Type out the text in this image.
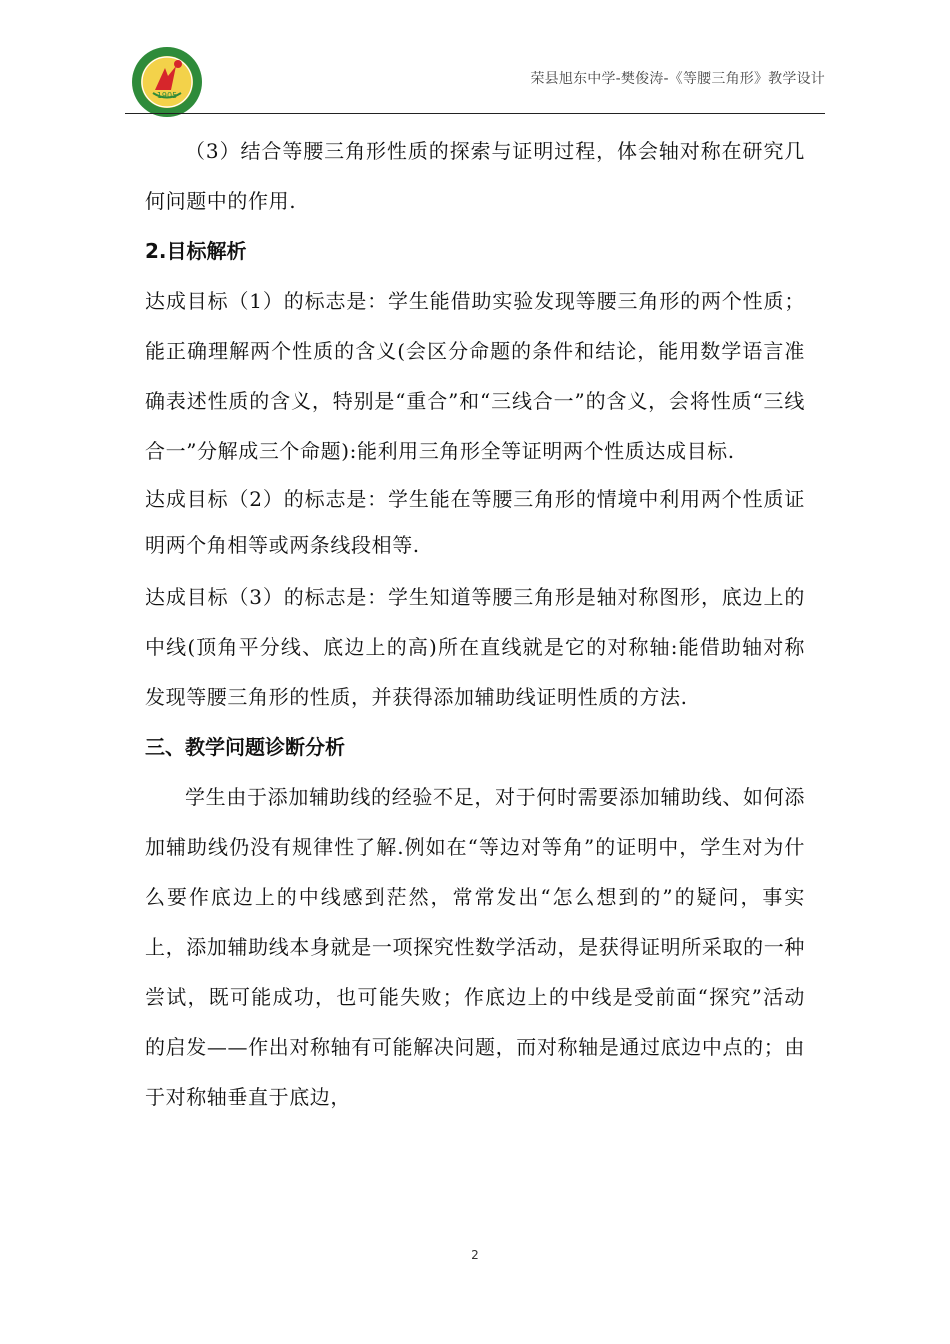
1905
荣县旭东中学-樊俊涛-《等腰三角形》教学设计

（3）结合等腰三角形性质的探索与证明过程，体会轴对称在研究几何问题中的作用.

2.目标解析

达成目标（1）的标志是：学生能借助实验发现等腰三角形的两个性质；能正确理解两个性质的含义(会区分命题的条件和结论，能用数学语言准确表述性质的含义，特别是“重合”和“三线合一”的含义，会将性质“三线合一”分解成三个命题):能利用三角形全等证明两个性质达成目标.

达成目标（2）的标志是：学生能在等腰三角形的情境中利用两个性质证明两个角相等或两条线段相等.

达成目标（3）的标志是：学生知道等腰三角形是轴对称图形，底边上的中线(顶角平分线、底边上的高)所在直线就是它的对称轴:能借助轴对称发现等腰三角形的性质，并获得添加辅助线证明性质的方法.

三、教学问题诊断分析

学生由于添加辅助线的经验不足，对于何时需要添加辅助线、如何添加辅助线仍没有规律性了解.例如在“等边对等角”的证明中，学生对为什么要作底边上的中线感到茫然，常常发出“怎么想到的”的疑问，事实上，添加辅助线本身就是一项探究性数学活动，是获得证明所采取的一种尝试，既可能成功，也可能失败；作底边上的中线是受前面“探究”活动的启发——作出对称轴有可能解决问题，而对称轴是通过底边中点的；由于对称轴垂直于底边，

2
